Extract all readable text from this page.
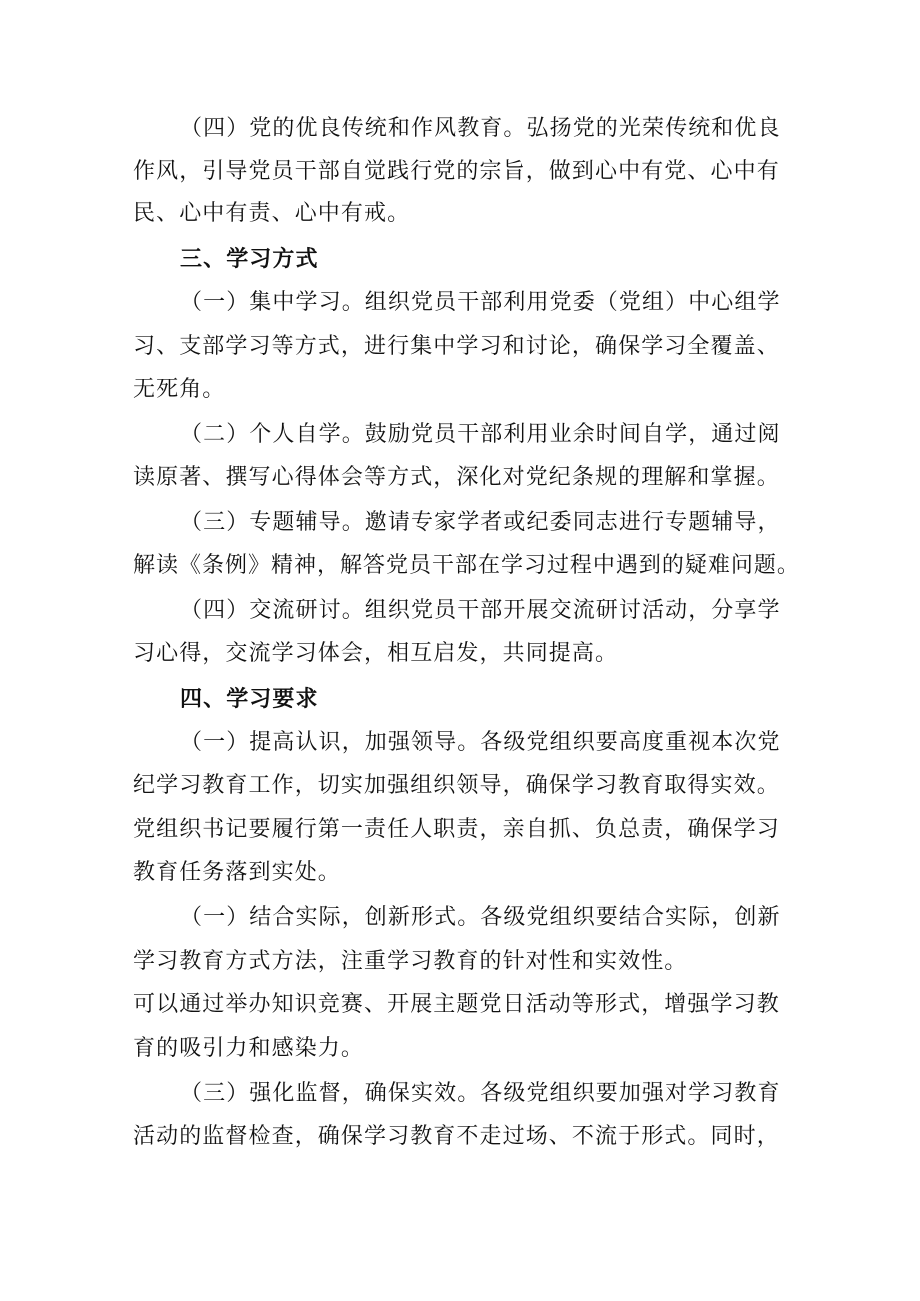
（四）党的优良传统和作风教育。弘扬党的光荣传统和优良
作风，引导党员干部自觉践行党的宗旨，做到心中有党、心中有
民、心中有责、心中有戒。
三、学习方式
（一）集中学习。组织党员干部利用党委（党组）中心组学
习、支部学习等方式，进行集中学习和讨论，确保学习全覆盖、
无死角。
（二）个人自学。鼓励党员干部利用业余时间自学，通过阅
读原著、撰写心得体会等方式，深化对党纪条规的理解和掌握。
（三）专题辅导。邀请专家学者或纪委同志进行专题辅导，
解读《条例》精神，解答党员干部在学习过程中遇到的疑难问题。
（四）交流研讨。组织党员干部开展交流研讨活动，分享学
习心得，交流学习体会，相互启发，共同提高。
四、学习要求
（一）提高认识，加强领导。各级党组织要高度重视本次党
纪学习教育工作，切实加强组织领导，确保学习教育取得实效。
党组织书记要履行第一责任人职责，亲自抓、负总责，确保学习
教育任务落到实处。
（一）结合实际，创新形式。各级党组织要结合实际，创新
学习教育方式方法，注重学习教育的针对性和实效性。
可以通过举办知识竞赛、开展主题党日活动等形式，增强学习教
育的吸引力和感染力。
（三）强化监督，确保实效。各级党组织要加强对学习教育
活动的监督检查，确保学习教育不走过场、不流于形式。同时，
